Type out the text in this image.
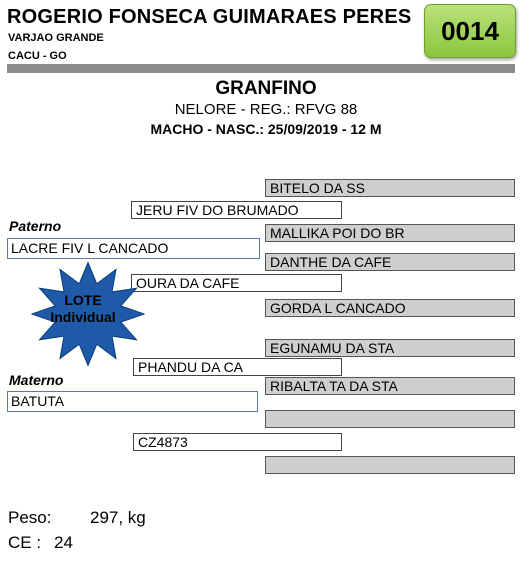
ROGERIO FONSECA GUIMARAES PERES
VARJAO GRANDE
CACU - GO
0014
GRANFINO
NELORE - REG.: RFVG 88
MACHO - NASC.: 25/09/2019 - 12 M
BITELO DA SS
MALLIKA POI DO BR
DANTHE DA CAFE
GORDA L CANCADO
EGUNAMU DA STA
RIBALTA TA DA STA
JERU FIV DO BRUMADO
OURA DA CAFE
PHANDU DA CA
CZ4873
Paterno
LACRE FIV L CANCADO
Materno
BATUTA
LOTE
Individual
Peso: 297, kg
CE : 24
